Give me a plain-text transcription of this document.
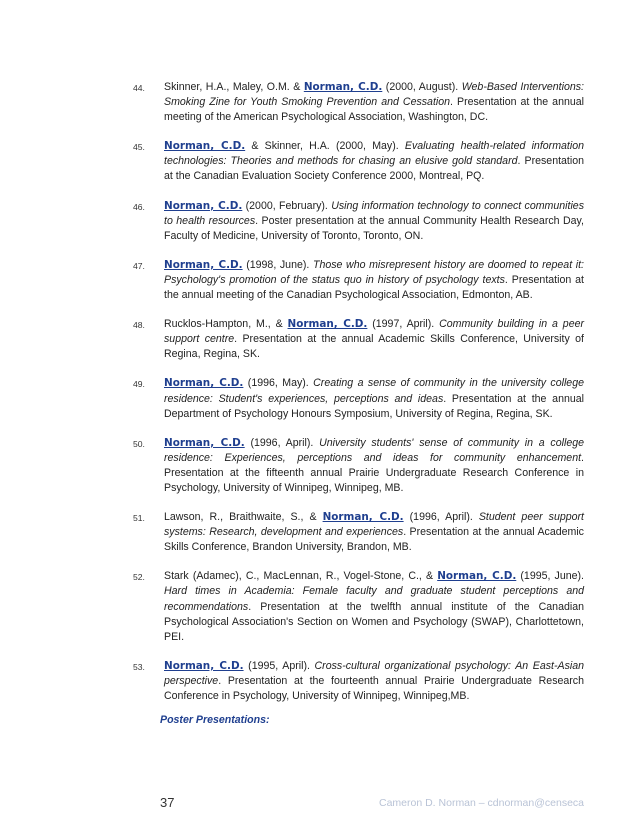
44. Skinner, H.A., Maley, O.M. & Norman, C.D. (2000, August). Web-Based Interventions: Smoking Zine for Youth Smoking Prevention and Cessation. Presentation at the annual meeting of the American Psychological Association, Washington, DC.
45. Norman, C.D. & Skinner, H.A. (2000, May). Evaluating health-related information technologies: Theories and methods for chasing an elusive gold standard. Presentation at the Canadian Evaluation Society Conference 2000, Montreal, PQ.
46. Norman, C.D. (2000, February). Using information technology to connect communities to health resources. Poster presentation at the annual Community Health Research Day, Faculty of Medicine, University of Toronto, Toronto, ON.
47. Norman, C.D. (1998, June). Those who misrepresent history are doomed to repeat it: Psychology's promotion of the status quo in history of psychology texts. Presentation at the annual meeting of the Canadian Psychological Association, Edmonton, AB.
48. Rucklos-Hampton, M., & Norman, C.D. (1997, April). Community building in a peer support centre. Presentation at the annual Academic Skills Conference, University of Regina, Regina, SK.
49. Norman, C.D. (1996, May). Creating a sense of community in the university college residence: Student's experiences, perceptions and ideas. Presentation at the annual Department of Psychology Honours Symposium, University of Regina, Regina, SK.
50. Norman, C.D. (1996, April). University students' sense of community in a college residence: Experiences, perceptions and ideas for community enhancement. Presentation at the fifteenth annual Prairie Undergraduate Research Conference in Psychology, University of Winnipeg, Winnipeg, MB.
51. Lawson, R., Braithwaite, S., & Norman, C.D. (1996, April). Student peer support systems: Research, development and experiences. Presentation at the annual Academic Skills Conference, Brandon University, Brandon, MB.
52. Stark (Adamec), C., MacLennan, R., Vogel-Stone, C., & Norman, C.D. (1995, June). Hard times in Academia: Female faculty and graduate student perceptions and recommendations. Presentation at the twelfth annual institute of the Canadian Psychological Association's Section on Women and Psychology (SWAP), Charlottetown, PEI.
53. Norman, C.D. (1995, April). Cross-cultural organizational psychology: An East-Asian perspective. Presentation at the fourteenth annual Prairie Undergraduate Research Conference in Psychology, University of Winnipeg, Winnipeg,MB.
Poster Presentations:
37	Cameron D. Norman – cdnorman@censeca
